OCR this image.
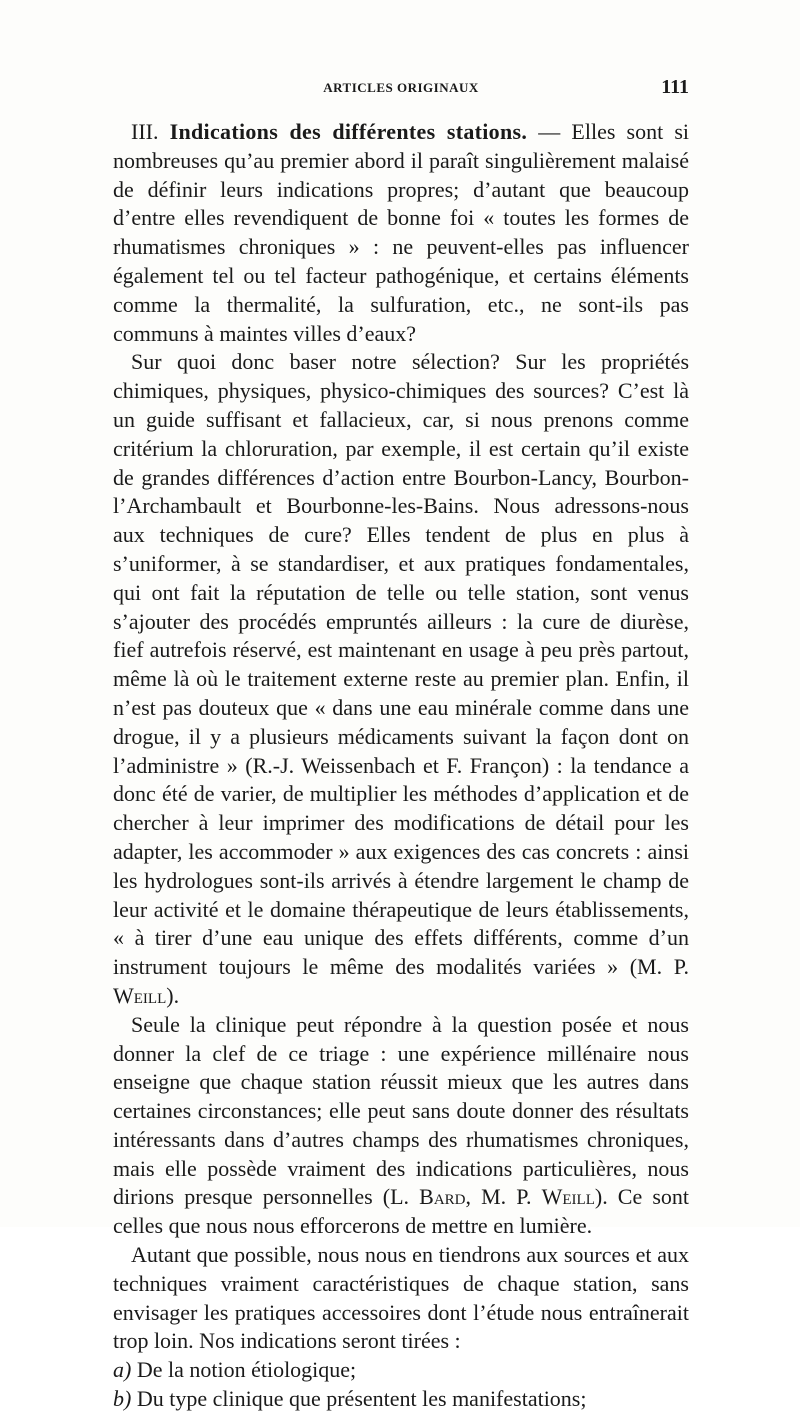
ARTICLES ORIGINAUX	111

III. Indications des différentes stations. — Elles sont si nombreuses qu’au premier abord il paraît singulièrement malaisé de définir leurs indications propres; d’autant que beaucoup d’entre elles revendiquent de bonne foi « toutes les formes de rhumatismes chroniques » : ne peuvent-elles pas influencer également tel ou tel facteur pathogénique, et certains éléments comme la thermalité, la sulfuration, etc., ne sont-ils pas communs à maintes villes d’eaux?

Sur quoi donc baser notre sélection? Sur les propriétés chimiques, physiques, physico-chimiques des sources? C’est là un guide suffisant et fallacieux, car, si nous prenons comme critérium la chloruration, par exemple, il est certain qu’il existe de grandes différences d’action entre Bourbon-Lancy, Bourbon-l’Archambault et Bourbonne-les-Bains. Nous adressons-nous aux techniques de cure? Elles tendent de plus en plus à s’uniformer, à se standardiser, et aux pratiques fondamentales, qui ont fait la réputation de telle ou telle station, sont venus s’ajouter des procédés empruntés ailleurs : la cure de diurèse, fief autrefois réservé, est maintenant en usage à peu près partout, même là où le traitement externe reste au premier plan. Enfin, il n’est pas douteux que « dans une eau minérale comme dans une drogue, il y a plusieurs médicaments suivant la façon dont on l’administre » (R.-J. Weissenbach et F. Françon) : la tendance a donc été de varier, de multiplier les méthodes d’application et de chercher à leur imprimer des modifications de détail pour les adapter, les accommoder » aux exigences des cas concrets : ainsi les hydrologues sont-ils arrivés à étendre largement le champ de leur activité et le domaine thérapeutique de leurs établissements, « à tirer d’une eau unique des effets différents, comme d’un instrument toujours le même des modalités variées » (M. P. Weill).

Seule la clinique peut répondre à la question posée et nous donner la clef de ce triage : une expérience millénaire nous enseigne que chaque station réussit mieux que les autres dans certaines circonstances; elle peut sans doute donner des résultats intéressants dans d’autres champs des rhumatismes chroniques, mais elle possède vraiment des indications particulières, nous dirions presque personnelles (L. Bard, M. P. Weill). Ce sont celles que nous nous efforcerons de mettre en lumière.

Autant que possible, nous nous en tiendrons aux sources et aux techniques vraiment caractéristiques de chaque station, sans envisager les pratiques accessoires dont l’étude nous entraînerait trop loin. Nos indications seront tirées :

a) De la notion étiologique;

b) Du type clinique que présentent les manifestations;
